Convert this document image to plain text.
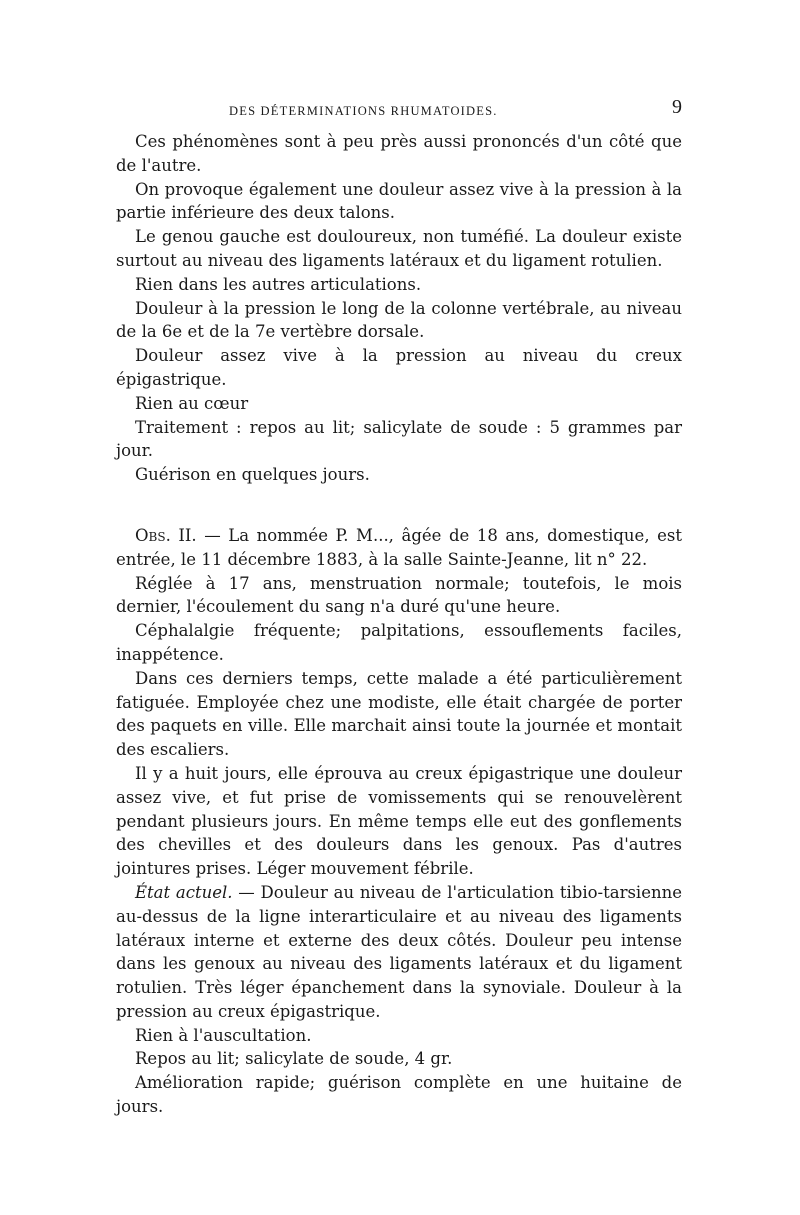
DES DÉTERMINATIONS RHUMATOIDES.	9

Ces phénomènes sont à peu près aussi prononcés d'un côté que de l'autre.

On provoque également une douleur assez vive à la pression à la partie inférieure des deux talons.

Le genou gauche est douloureux, non tuméfié. La douleur existe surtout au niveau des ligaments latéraux et du ligament rotulien.

Rien dans les autres articulations.

Douleur à la pression le long de la colonne vertébrale, au niveau de la 6e et de la 7e vertèbre dorsale.

Douleur assez vive à la pression au niveau du creux épigastrique.

Rien au cœur

Traitement : repos au lit; salicylate de soude : 5 grammes par jour.

Guérison en quelques jours.

Obs. II. — La nommée P. M..., âgée de 18 ans, domestique, est entrée, le 11 décembre 1883, à la salle Sainte-Jeanne, lit n° 22.

Réglée à 17 ans, menstruation normale; toutefois, le mois dernier, l'écoulement du sang n'a duré qu'une heure.

Céphalalgie fréquente; palpitations, essouflements faciles, inappétence.

Dans ces derniers temps, cette malade a été particulièrement fatiguée. Employée chez une modiste, elle était chargée de porter des paquets en ville. Elle marchait ainsi toute la journée et montait des escaliers.

Il y a huit jours, elle éprouva au creux épigastrique une douleur assez vive, et fut prise de vomissements qui se renouvelèrent pendant plusieurs jours. En même temps elle eut des gonflements des chevilles et des douleurs dans les genoux. Pas d'autres jointures prises. Léger mouvement fébrile.

État actuel. — Douleur au niveau de l'articulation tibio-tarsienne au-dessus de la ligne interarticulaire et au niveau des ligaments latéraux interne et externe des deux côtés. Douleur peu intense dans les genoux au niveau des ligaments latéraux et du ligament rotulien. Très léger épanchement dans la synoviale. Douleur à la pression au creux épigastrique.

Rien à l'auscultation.

Repos au lit; salicylate de soude, 4 gr.

Amélioration rapide; guérison complète en une huitaine de jours.
